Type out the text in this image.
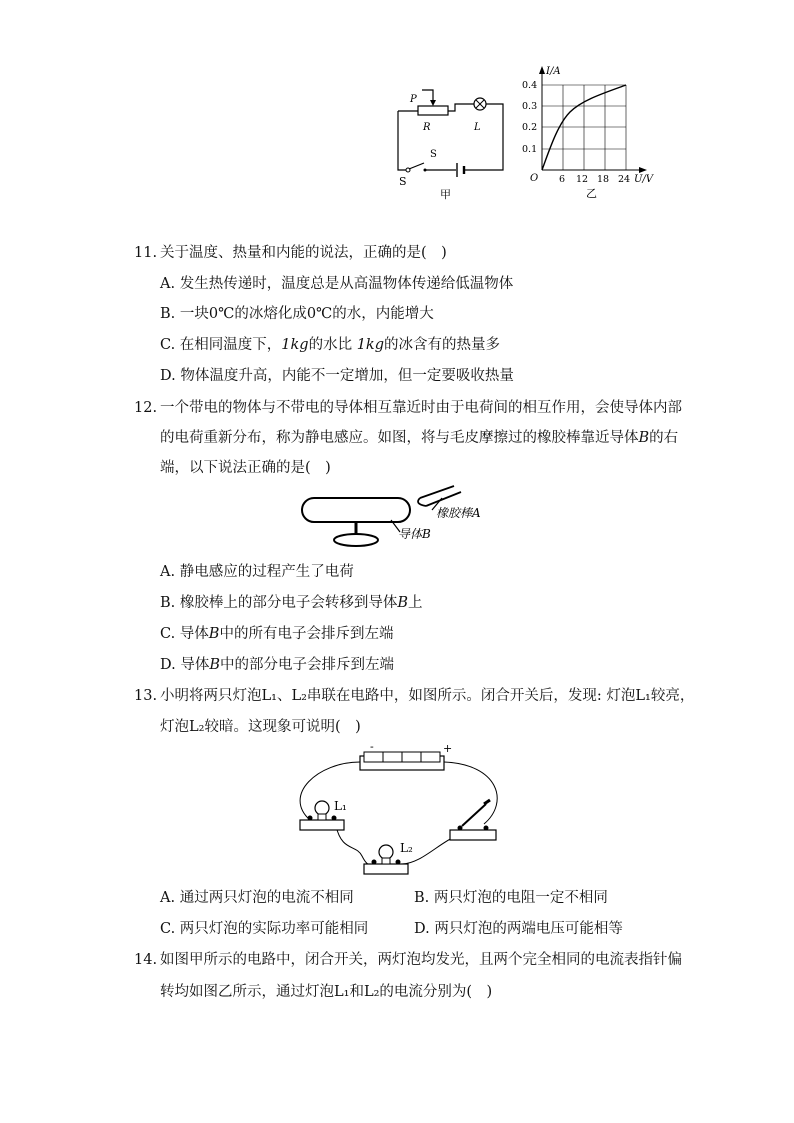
P
R	L
S
S
甲
I/A
0.4
0.3
0.2
0.1
O 6 12 18 24 U/V
乙
11. 关于温度、热量和内能的说法，正确的是(　)
A. 发生热传递时，温度总是从高温物体传递给低温物体
B. 一块0℃的冰熔化成0℃的水，内能增大
C. 在相同温度下，1kg的水比 1kg的冰含有的热量多
D. 物体温度升高，内能不一定增加，但一定要吸收热量
12. 一个带电的物体与不带电的导体相互靠近时由于电荷间的相互作用，会使导体内部
的电荷重新分布，称为静电感应。如图，将与毛皮摩擦过的橡胶棒靠近导体B的右
端，以下说法正确的是(　)
橡胶棒A
导体B
A. 静电感应的过程产生了电荷
B. 橡胶棒上的部分电子会转移到导体B上
C. 导体B中的所有电子会排斥到左端
D. 导体B中的部分电子会排斥到左端
13. 小明将两只灯泡L₁、L₂串联在电路中，如图所示。闭合开关后，发现: 灯泡L₁较亮，
灯泡L₂较暗。这现象可说明(　)
-	+
L₁
L₂
A. 通过两只灯泡的电流不相同	B. 两只灯泡的电阻一定不相同
C. 两只灯泡的实际功率可能相同	D. 两只灯泡的两端电压可能相等
14. 如图甲所示的电路中，闭合开关，两灯泡均发光，且两个完全相同的电流表指针偏
转均如图乙所示，通过灯泡L₁和L₂的电流分别为(　)
